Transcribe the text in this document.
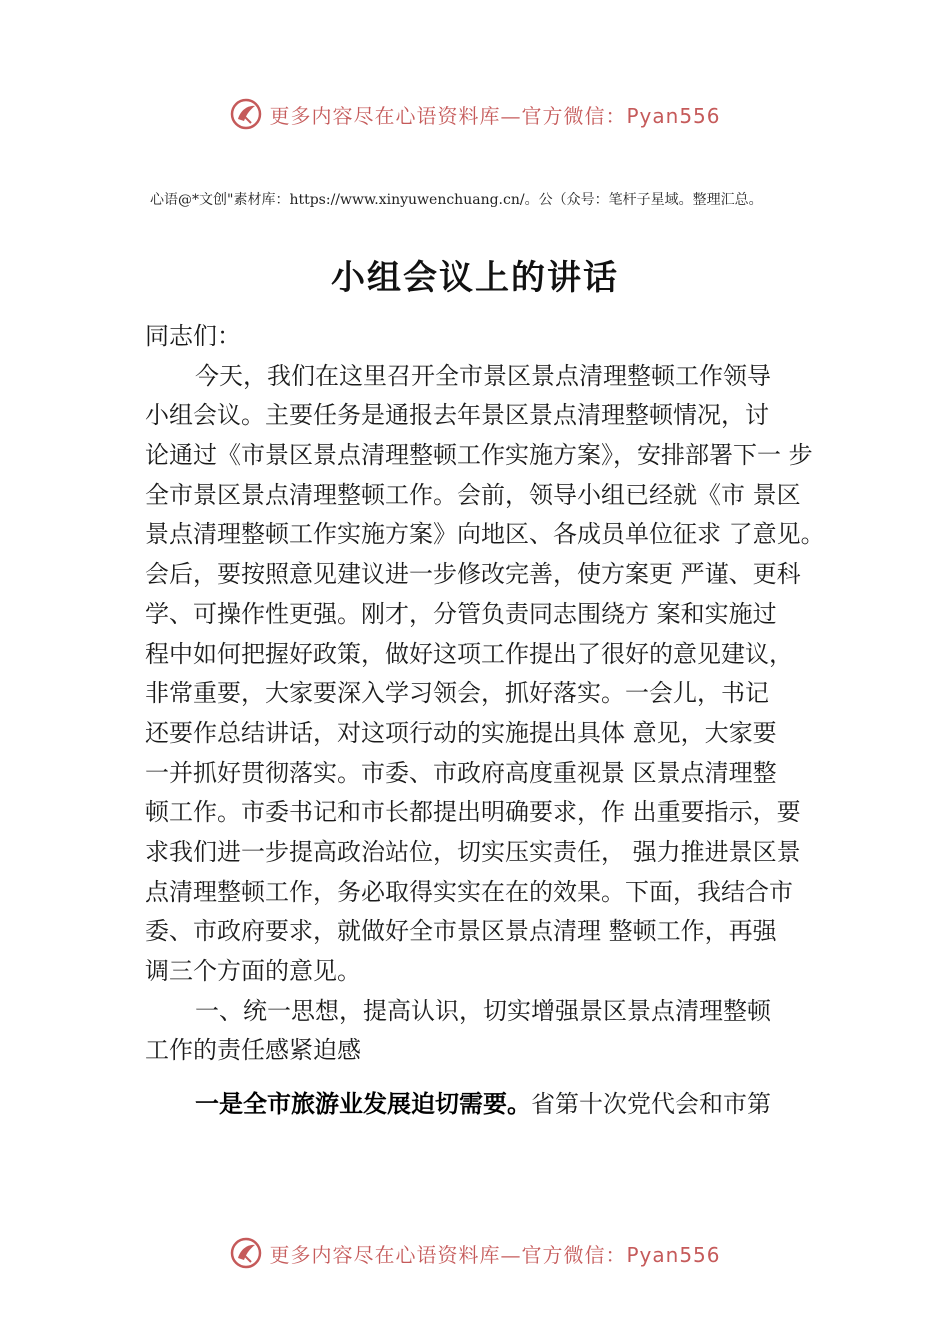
更多内容尽在心语资料库—官方微信：Pyan556
心语@*文创"素材库：https://www.xinyuwenchuang.cn/。公（众号：笔杆子星域。整理汇总。
小组会议上的讲话
同志们：
今天，我们在这里召开全市景区景点清理整顿工作领导
小组会议。主要任务是通报去年景区景点清理整顿情况，讨
论通过《市景区景点清理整顿工作实施方案》，安排部署下一 步
全市景区景点清理整顿工作。会前，领导小组已经就《市 景区
景点清理整顿工作实施方案》向地区、各成员单位征求 了意见。
会后，要按照意见建议进一步修改完善，使方案更 严谨、更科
学、可操作性更强。刚才，分管负责同志围绕方 案和实施过
程中如何把握好政策，做好这项工作提出了很好的意见建议，
非常重要，大家要深入学习领会，抓好落实。一会儿，书记
还要作总结讲话，对这项行动的实施提出具体 意见，大家要
一并抓好贯彻落实。市委、市政府高度重视景 区景点清理整
顿工作。市委书记和市长都提出明确要求，作 出重要指示，要
求我们进一步提高政治站位，切实压实责任， 强力推进景区景
点清理整顿工作，务必取得实实在在的效果。下面，我结合市
委、市政府要求，就做好全市景区景点清理 整顿工作，再强
调三个方面的意见。
一、统一思想，提高认识，切实增强景区景点清理整顿
工作的责任感紧迫感
一是全市旅游业发展迫切需要。省第十次党代会和市第
更多内容尽在心语资料库—官方微信：Pyan556
